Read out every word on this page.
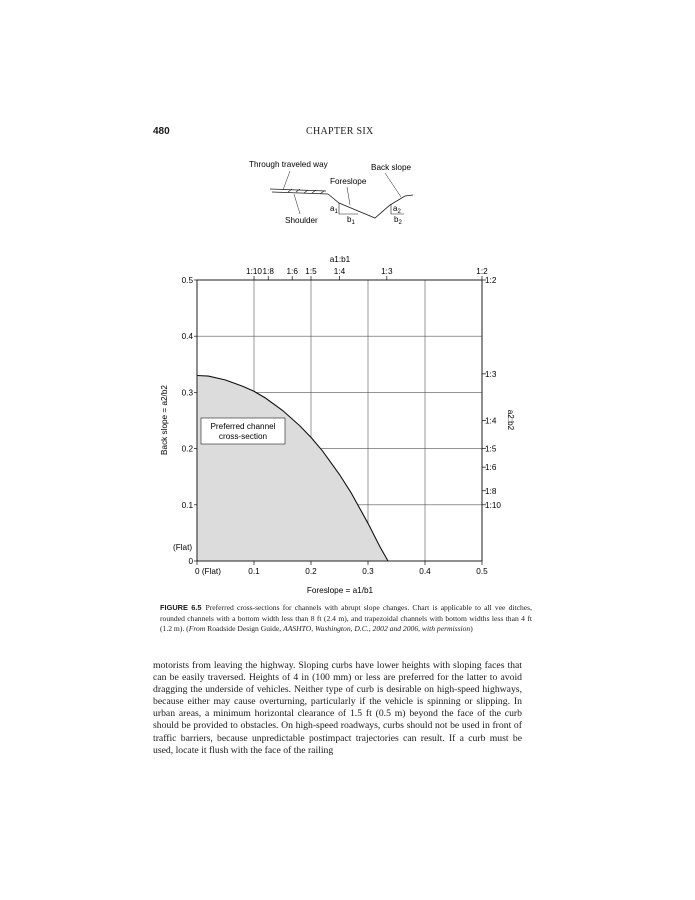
480	CHAPTER SIX
Through traveled way	Back slope
Foreslope
Shoulder
$a_1$	$a_2$
$b_1$	$b_2$
a1:b1
0 (Flat)	0.1	0.2	0.3	0.4	0.5
0
0.1
0.2
0.3
0.4
0.5
1:10 1:8 1:6 1:5 1:4	1:3	1:2
1:2
1:3
1:4
1:5
1:6
1:8
1:10
Preferred channel
cross-section
(Flat)
Foreslope = a1/b1
Back slope = a2/b2	a2:b2
FIGURE 6.5 Preferred cross-sections for channels with abrupt slope changes. Chart is applicable to all vee ditches, rounded channels with a bottom width less than 8 ft (2.4 m), and trapezoidal channels with bottom widths less than 4 ft (1.2 m). (From Roadside Design Guide, AASHTO, Washington, D.C., 2002 and 2006, with permission)
motorists from leaving the highway. Sloping curbs have lower heights with sloping faces that can be easily traversed. Heights of 4 in (100 mm) or less are preferred for the latter to avoid dragging the underside of vehicles. Neither type of curb is desirable on high-speed highways, because either may cause overturning, particularly if the vehicle is spinning or slipping. In urban areas, a minimum horizontal clearance of 1.5 ft (0.5 m) beyond the face of the curb should be provided to obstacles. On high-speed roadways, curbs should not be used in front of traffic barriers, because unpredictable postimpact trajectories can result. If a curb must be used, locate it flush with the face of the railing
